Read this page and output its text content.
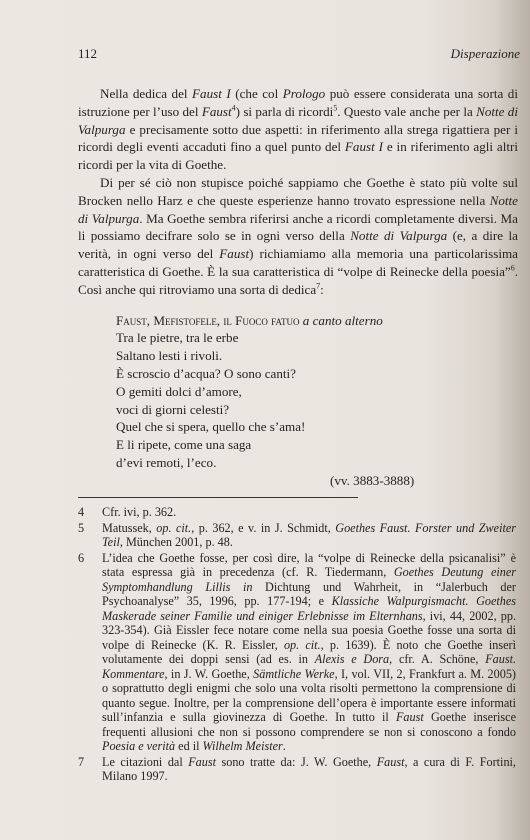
112	Disperazione

Nella dedica del Faust I (che col Prologo può essere considerata una sorta di istruzione per l’uso del Faust$^4$) si parla di ricordi$^5$. Questo vale anche per la Notte di Valpurga e precisamente sotto due aspetti: in riferimento alla strega rigattiera per i ricordi degli eventi accaduti fino a quel punto del Faust I e in riferimento agli altri ricordi per la vita di Goethe.

Di per sé ciò non stupisce poiché sappiamo che Goethe è stato più volte sul Brocken nello Harz e che queste esperienze hanno trovato espressione nella Notte di Valpurga. Ma Goethe sembra riferirsi anche a ricordi completamente diversi. Ma li possiamo decifrare solo se in ogni verso della Notte di Valpurga (e, a dire la verità, in ogni verso del Faust) richiamiamo alla memoria una particolarissima caratteristica di Goethe. È la sua caratteristica di “volpe di Reinecke della poesia”$^6$. Così anche qui ritroviamo una sorta di dedica$^7$:

Faust, Mefistofele, il Fuoco fatuo a canto alterno
Tra le pietre, tra le erbe
Saltano lesti i rivoli.
È scroscio d’acqua? O sono canti?
O gemiti dolci d’amore,
voci di giorni celesti?
Quel che si spera, quello che s’ama!
E li ripete, come una saga
d’evi remoti, l’eco.
(vv. 3883-3888)
4	Cfr. ivi, p. 362.
5	Matussek, op. cit., p. 362, e v. in J. Schmidt, Goethes Faust. Forster und Zweiter Teil, München 2001, p. 48.
6	L’idea che Goethe fosse, per così dire, la “volpe di Reinecke della psicanalisi” è stata espressa già in precedenza (cf. R. Tiedermann, Goethes Deutung einer Symptomhandlung Lillis in Dichtung und Wahrheit, in “Jalerbuch der Psychoanalyse” 35, 1996, pp. 177-194; e Klassiche Walpurgismacht. Goethes Maskerade seiner Familie und einiger Erlebnisse im Elternhans, ivi, 44, 2002, pp. 323-354). Già Eissler fece notare come nella sua poesia Goethe fosse una sorta di volpe di Reinecke (K. R. Eissler, op. cit., p. 1639). È noto che Goethe inserì volutamente dei doppi sensi (ad es. in Alexis e Dora, cfr. A. Schöne, Faust. Kommentare, in J. W. Goethe, Sämtliche Werke, I, vol. VII, 2, Frankfurt a. M. 2005) o soprattutto degli enigmi che solo una volta risolti permettono la comprensione di quanto segue. Inoltre, per la comprensione dell’opera è importante essere informati sull’infanzia e sulla giovinezza di Goethe. In tutto il Faust Goethe inserisce frequenti allusioni che non si possono comprendere se non si conoscono a fondo Poesia e verità ed il Wilhelm Meister.
7	Le citazioni dal Faust sono tratte da: J. W. Goethe, Faust, a cura di F. Fortini, Milano 1997.
